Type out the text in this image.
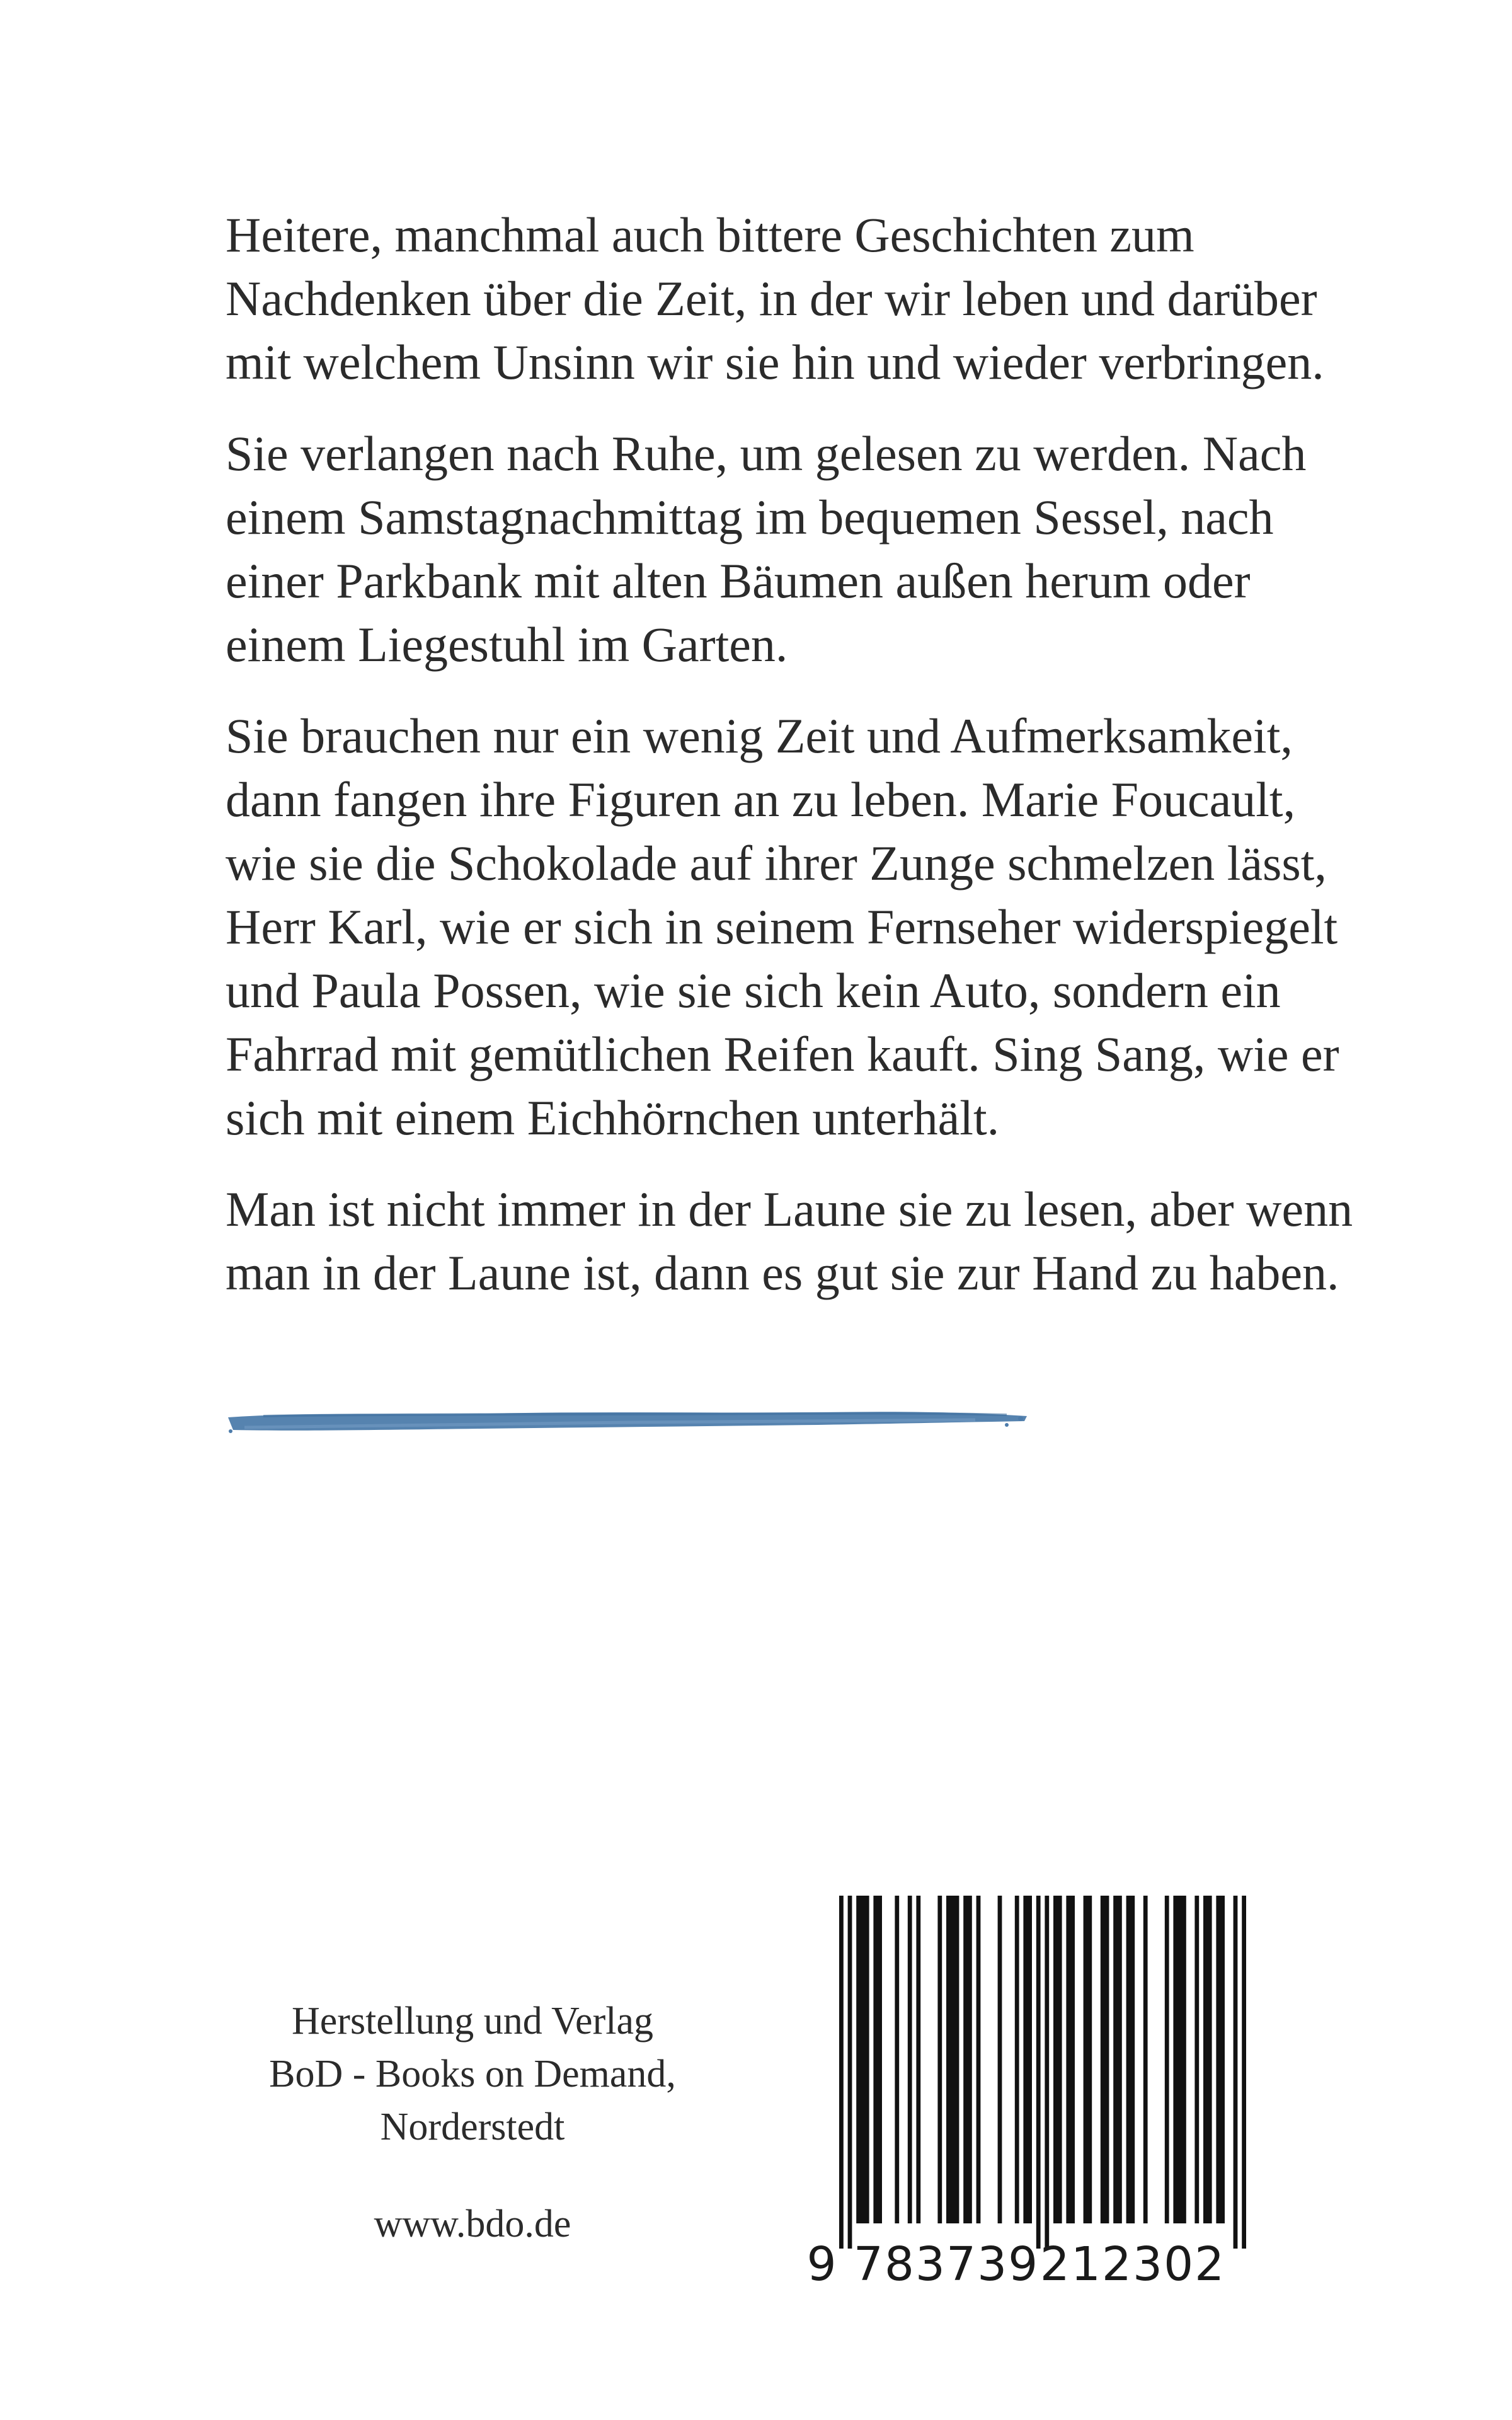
Heitere, manchmal auch bittere Geschichten zum Nachdenken über die Zeit, in der wir leben und darüber mit welchem Unsinn wir sie hin und wieder verbringen.

Sie verlangen nach Ruhe, um gelesen zu werden. Nach einem Samstagnachmittag im bequemen Sessel, nach einer Parkbank mit alten Bäumen außen herum oder einem Liegestuhl im Garten.

Sie brauchen nur ein wenig Zeit und Aufmerksamkeit, dann fangen ihre Figuren an zu leben. Marie Foucault, wie sie die Schokolade auf ihrer Zunge schmelzen lässt, Herr Karl, wie er sich in seinem Fernseher widerspiegelt und Paula Possen, wie sie sich kein Auto, sondern ein Fahrrad mit gemütlichen Reifen kauft. Sing Sang, wie er sich mit einem Eichhörnchen unterhält.

Man ist nicht immer in der Laune sie zu lesen, aber wenn man in der Laune ist, dann es gut sie zur Hand zu haben.

Herstellung und Verlag
BoD - Books on Demand,
Norderstedt
www.bdo.de
9 783739 212302
